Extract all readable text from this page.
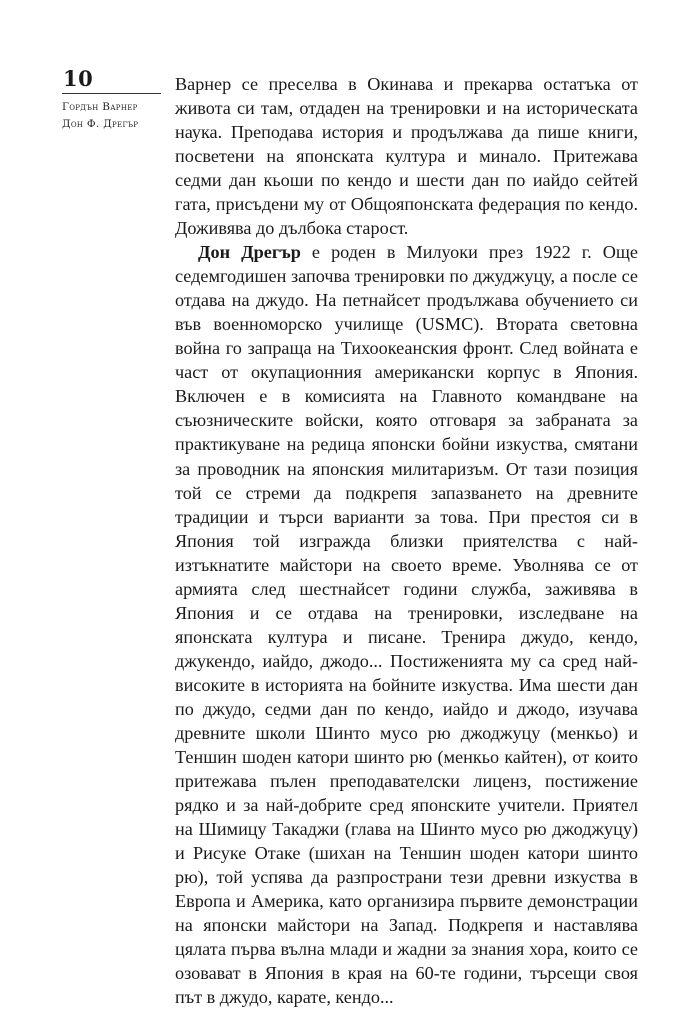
10
Гордън Варнер
Дон Ф. Дрегър

Варнер се преселва в Окинава и прекарва остатъка от живота си там, отдаден на тренировки и на историческата наука. Преподава история и продължава да пише книги, посветени на японската култура и минало. Притежава седми дан кьоши по кендо и шести дан по иайдо сейтей гата, присъдени му от Общояпонската федерация по кендо. Доживява до дълбока старост.

Дон Дрегър е роден в Милуоки през 1922 г. Още седемгодишен започва тренировки по джуджуцу, а после се отдава на джудо. На петнайсет продължава обучението си във военноморско училище (USMC). Втората световна война го запраща на Тихоокеанския фронт. След войната е част от окупационния американски корпус в Япония. Включен е в комисията на Главното командване на съюзническите войски, която отговаря за забраната за практикуване на редица японски бойни изкуства, смятани за проводник на японския милитаризъм. От тази позиция той се стреми да подкрепя запазването на древните традиции и търси варианти за това. При престоя си в Япония той изгражда близки приятелства с най-изтъкнатите майстори на своето време. Уволнява се от армията след шестнайсет години служба, заживява в Япония и се отдава на тренировки, изследване на японската култура и писане. Тренира джудо, кендо, джукендо, иайдо, джодо... Постиженията му са сред най-високите в историята на бойните изкуства. Има шести дан по джудо, седми дан по кендо, иайдо и джодо, изучава древните школи Шинто мусо рю джоджуцу (менкьо) и Теншин шоден катори шинто рю (менкьо кайтен), от които притежава пълен преподавателски лиценз, постижение рядко и за най-добрите сред японските учители. Приятел на Шимицу Такаджи (глава на Шинто мусо рю джоджуцу) и Рисуке Отаке (шихан на Теншин шоден катори шинто рю), той успява да разпространи тези древни изкуства в Европа и Америка, като организира първите демонстрации на японски майстори на Запад. Подкрепя и наставлява цялата първа вълна млади и жадни за знания хора, които се озовават в Япония в края на 60-те години, търсещи своя път в джудо, карате, кендо...
